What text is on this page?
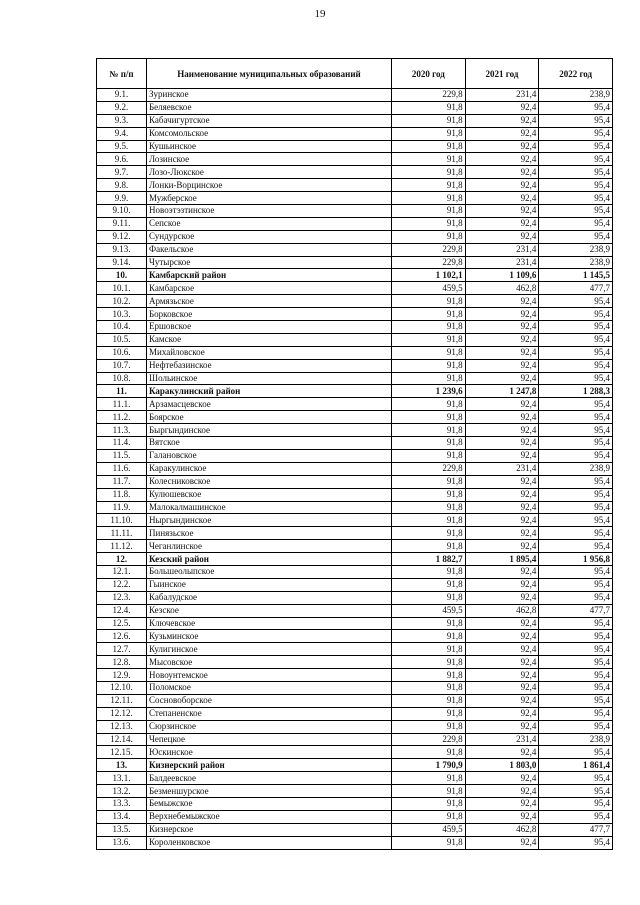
19
№ п/п	Наименование муниципальных образований	2020 год	2021 год	2022 год
9.1.	Зуринское	229,8	231,4	238,9
9.2.	Беляевское	91,8	92,4	95,4
9.3.	Кабачигуртское	91,8	92,4	95,4
9.4.	Комсомольское	91,8	92,4	95,4
9.5.	Кушьинское	91,8	92,4	95,4
9.6.	Лозинское	91,8	92,4	95,4
9.7.	Лозо-Люкское	91,8	92,4	95,4
9.8.	Лонки-Ворцинское	91,8	92,4	95,4
9.9.	Мужберское	91,8	92,4	95,4
9.10.	Новоэтэзтинское	91,8	92,4	95,4
9.11.	Сепское	91,8	92,4	95,4
9.12.	Сундурское	91,8	92,4	95,4
9.13.	Факельское	229,8	231,4	238,9
9.14.	Чутырское	229,8	231,4	238,9
10.	Камбарский район	1 102,1	1 109,6	1 145,5
10.1.	Камбарское	459,5	462,8	477,7
10.2.	Армязьское	91,8	92,4	95,4
10.3.	Борковское	91,8	92,4	95,4
10.4.	Ершовское	91,8	92,4	95,4
10.5.	Камское	91,8	92,4	95,4
10.6.	Михайловское	91,8	92,4	95,4
10.7.	Нефтебазинское	91,8	92,4	95,4
10.8.	Шольинское	91,8	92,4	95,4
11.	Каракулинский район	1 239,6	1 247,8	1 288,3
11.1.	Арзамасцевское	91,8	92,4	95,4
11.2.	Боярское	91,8	92,4	95,4
11.3.	Быргындинское	91,8	92,4	95,4
11.4.	Вятское	91,8	92,4	95,4
11.5.	Галановское	91,8	92,4	95,4
11.6.	Каракулинское	229,8	231,4	238,9
11.7.	Колесниковское	91,8	92,4	95,4
11.8.	Кулюшевское	91,8	92,4	95,4
11.9.	Малокалмашинское	91,8	92,4	95,4
11.10.	Ныргындинское	91,8	92,4	95,4
11.11.	Пинязьское	91,8	92,4	95,4
11.12.	Чеганлинское	91,8	92,4	95,4
12.	Кезский район	1 882,7	1 895,4	1 956,8
12.1.	Большеолыпское	91,8	92,4	95,4
12.2.	Гыинское	91,8	92,4	95,4
12.3.	Кабалудское	91,8	92,4	95,4
12.4.	Кезское	459,5	462,8	477,7
12.5.	Ключевское	91,8	92,4	95,4
12.6.	Кузьминское	91,8	92,4	95,4
12.7.	Кулигинское	91,8	92,4	95,4
12.8.	Мысовское	91,8	92,4	95,4
12.9.	Новоунтемское	91,8	92,4	95,4
12.10.	Поломское	91,8	92,4	95,4
12.11.	Сосновоборское	91,8	92,4	95,4
12.12.	Степаненское	91,8	92,4	95,4
12.13.	Сюрзинское	91,8	92,4	95,4
12.14.	Чепецкое	229,8	231,4	238,9
12.15.	Юскинское	91,8	92,4	95,4
13.	Кизнерский район	1 790,9	1 803,0	1 861,4
13.1.	Балдеевское	91,8	92,4	95,4
13.2.	Безменшурское	91,8	92,4	95,4
13.3.	Бемыжское	91,8	92,4	95,4
13.4.	Верхнебемыжское	91,8	92,4	95,4
13.5.	Кизнерское	459,5	462,8	477,7
13.6.	Короленковское	91,8	92,4	95,4
